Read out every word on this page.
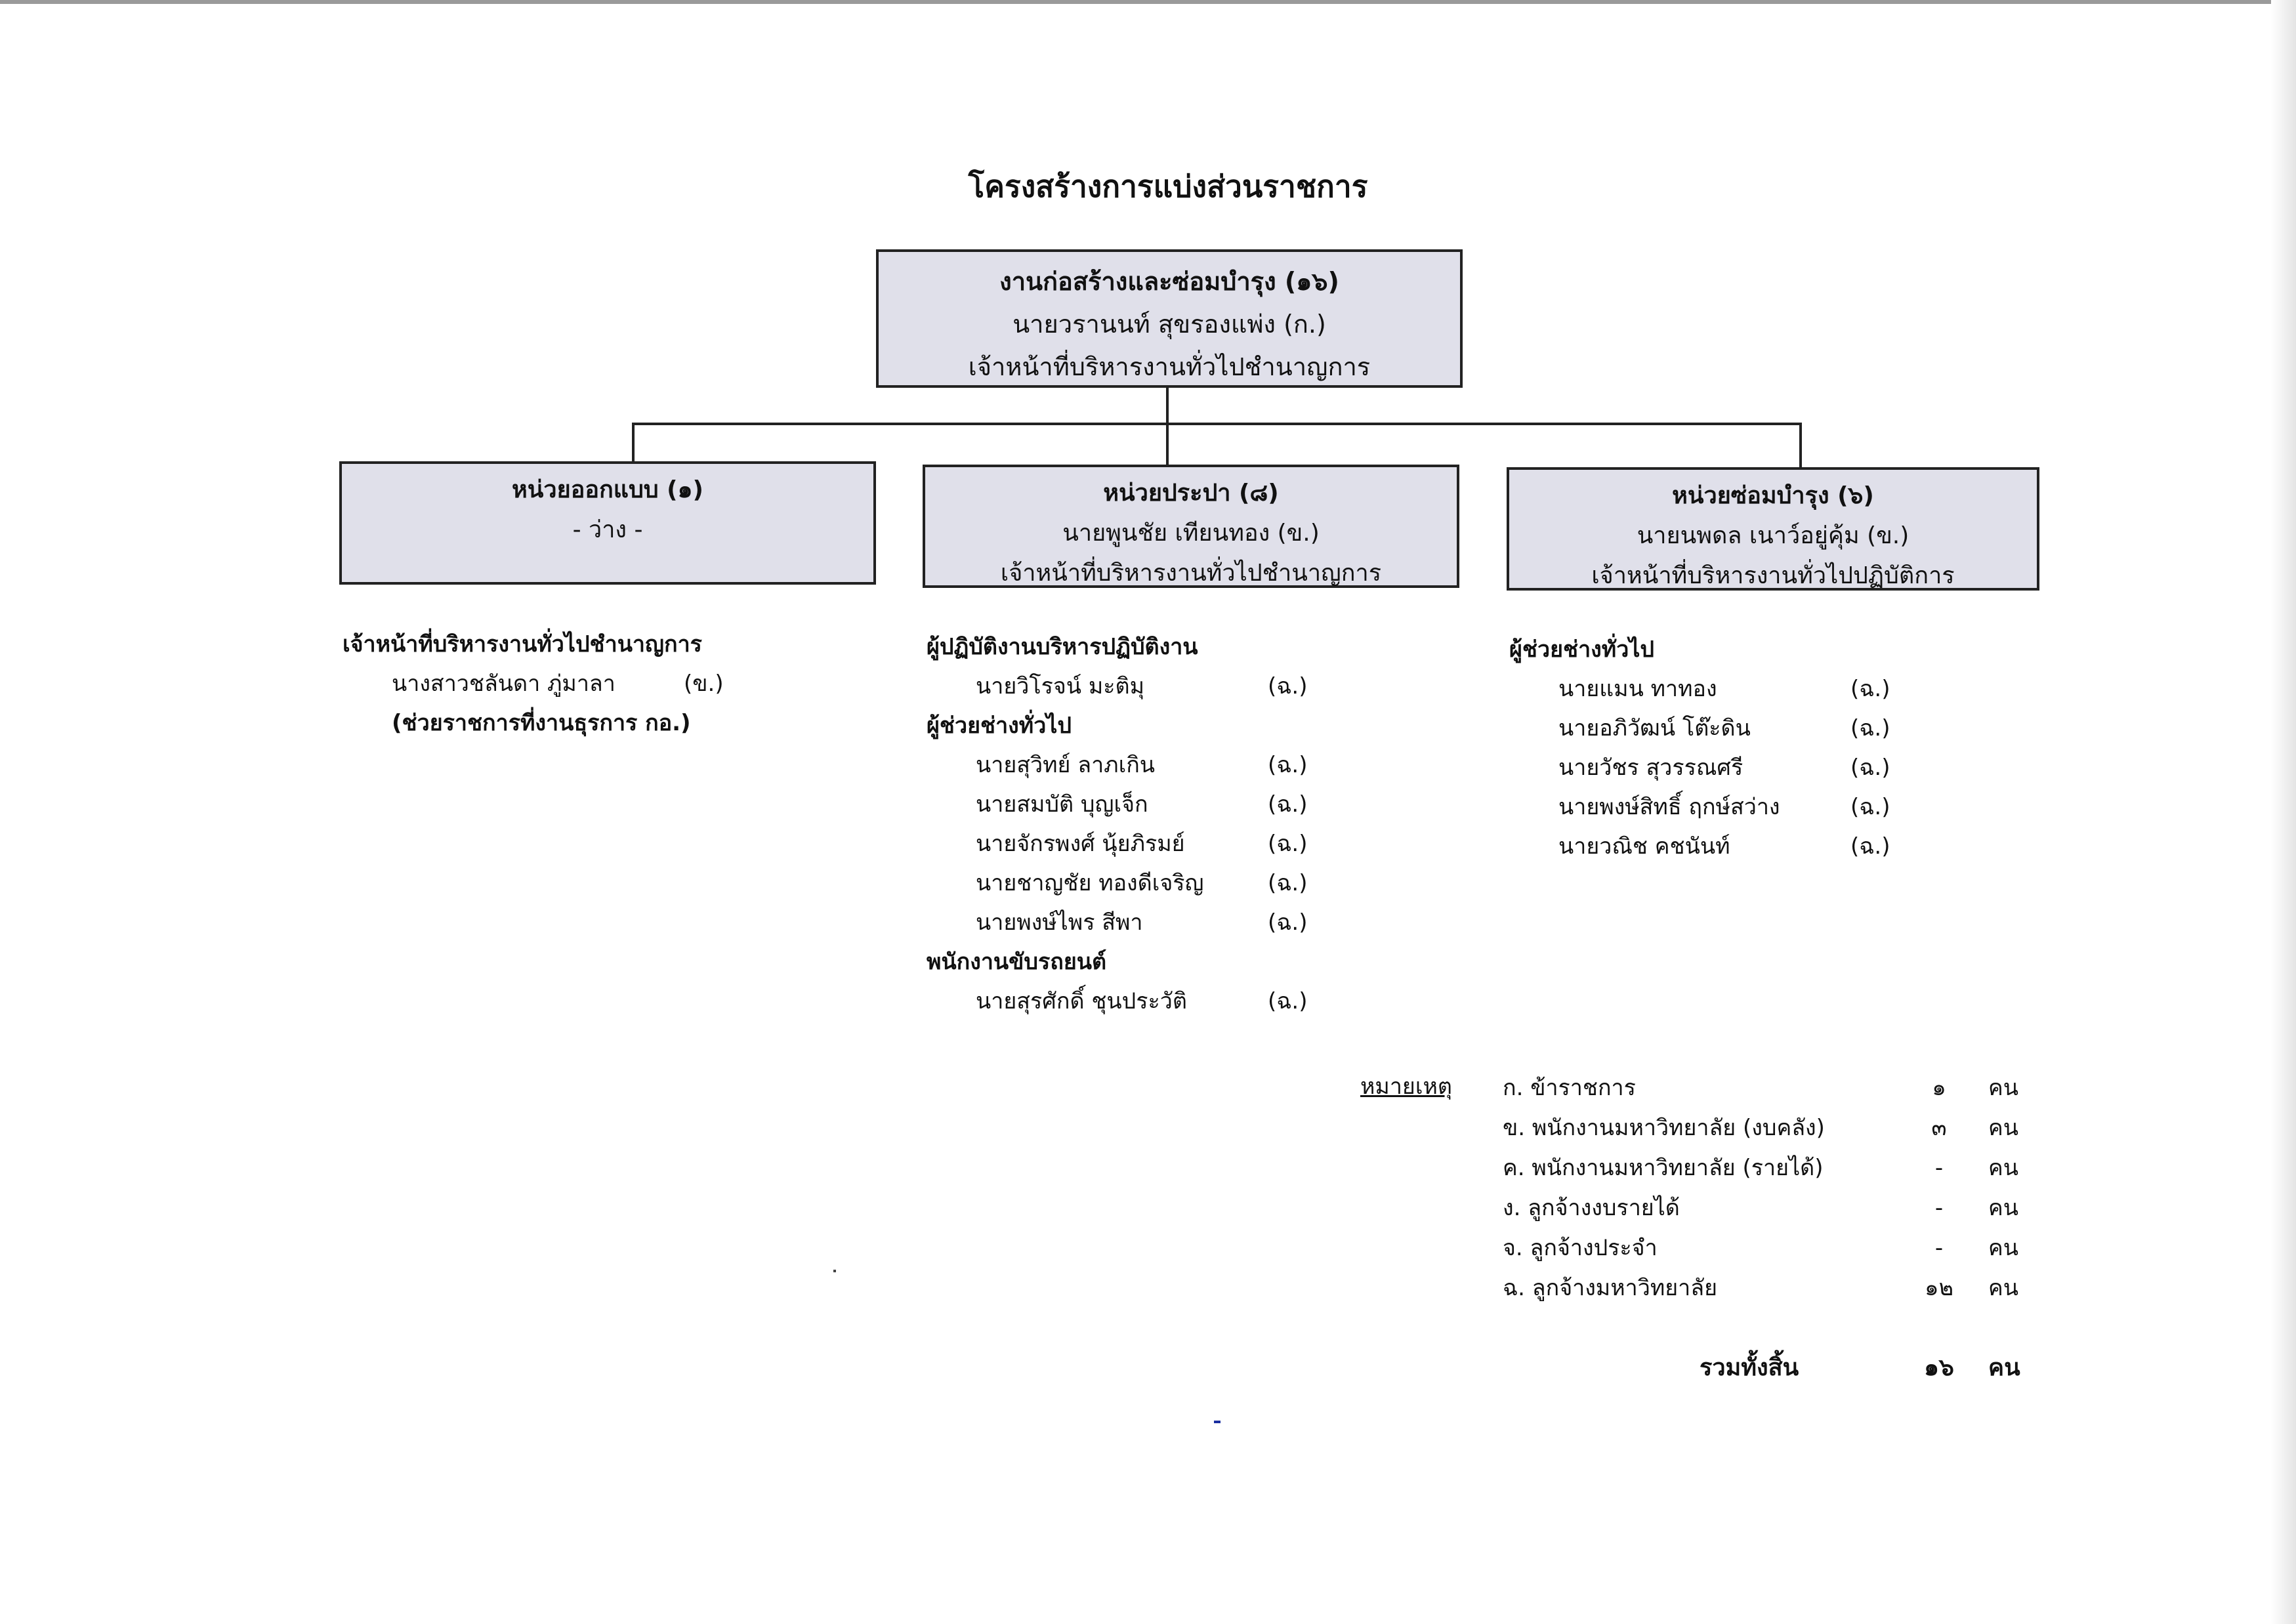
โครงสร้างการแบ่งส่วนราชการ
งานก่อสร้างและซ่อมบำรุง (๑๖)
นายวรานนท์ สุขรองแพ่ง (ก.)
เจ้าหน้าที่บริหารงานทั่วไปชำนาญการ
หน่วยออกแบบ (๑)
- ว่าง -
หน่วยประปา (๘)
นายพูนชัย เทียนทอง (ข.)
เจ้าหน้าที่บริหารงานทั่วไปชำนาญการ
หน่วยซ่อมบำรุง (๖)
นายนพดล เนาว์อยู่คุ้ม (ข.)
เจ้าหน้าที่บริหารงานทั่วไปปฏิบัติการ
เจ้าหน้าที่บริหารงานทั่วไปชำนาญการ
นางสาวชลันดา ภู่มาลา	(ข.)
(ช่วยราชการที่งานธุรการ กอ.)
ผู้ปฏิบัติงานบริหารปฏิบัติงาน
นายวิโรจน์ มะติมุ	(ฉ.)
ผู้ช่วยช่างทั่วไป
นายสุวิทย์ ลาภเกิน	(ฉ.)
นายสมบัติ บุญเจ็ก	(ฉ.)
นายจักรพงศ์ นุ้ยภิรมย์	(ฉ.)
นายชาญชัย ทองดีเจริญ	(ฉ.)
นายพงษ์ไพร สีพา	(ฉ.)
พนักงานขับรถยนต์
นายสุรศักดิ์ ชุนประวัติ	(ฉ.)
ผู้ช่วยช่างทั่วไป
นายแมน ทาทอง	(ฉ.)
นายอภิวัฒน์ โต๊ะดิน	(ฉ.)
นายวัชร สุวรรณศรี	(ฉ.)
นายพงษ์สิทธิ์ ฤกษ์สว่าง	(ฉ.)
นายวณิช คชนันท์	(ฉ.)
หมายเหตุ ก. ข้าราชการ	๑	คน
ข. พนักงานมหาวิทยาลัย (งบคลัง)	๓	คน
ค. พนักงานมหาวิทยาลัย (รายได้)	-	คน
ง. ลูกจ้างงบรายได้	-	คน
จ. ลูกจ้างประจำ	-	คน
ฉ. ลูกจ้างมหาวิทยาลัย	๑๒	คน
รวมทั้งสิ้น	๑๖	คน
